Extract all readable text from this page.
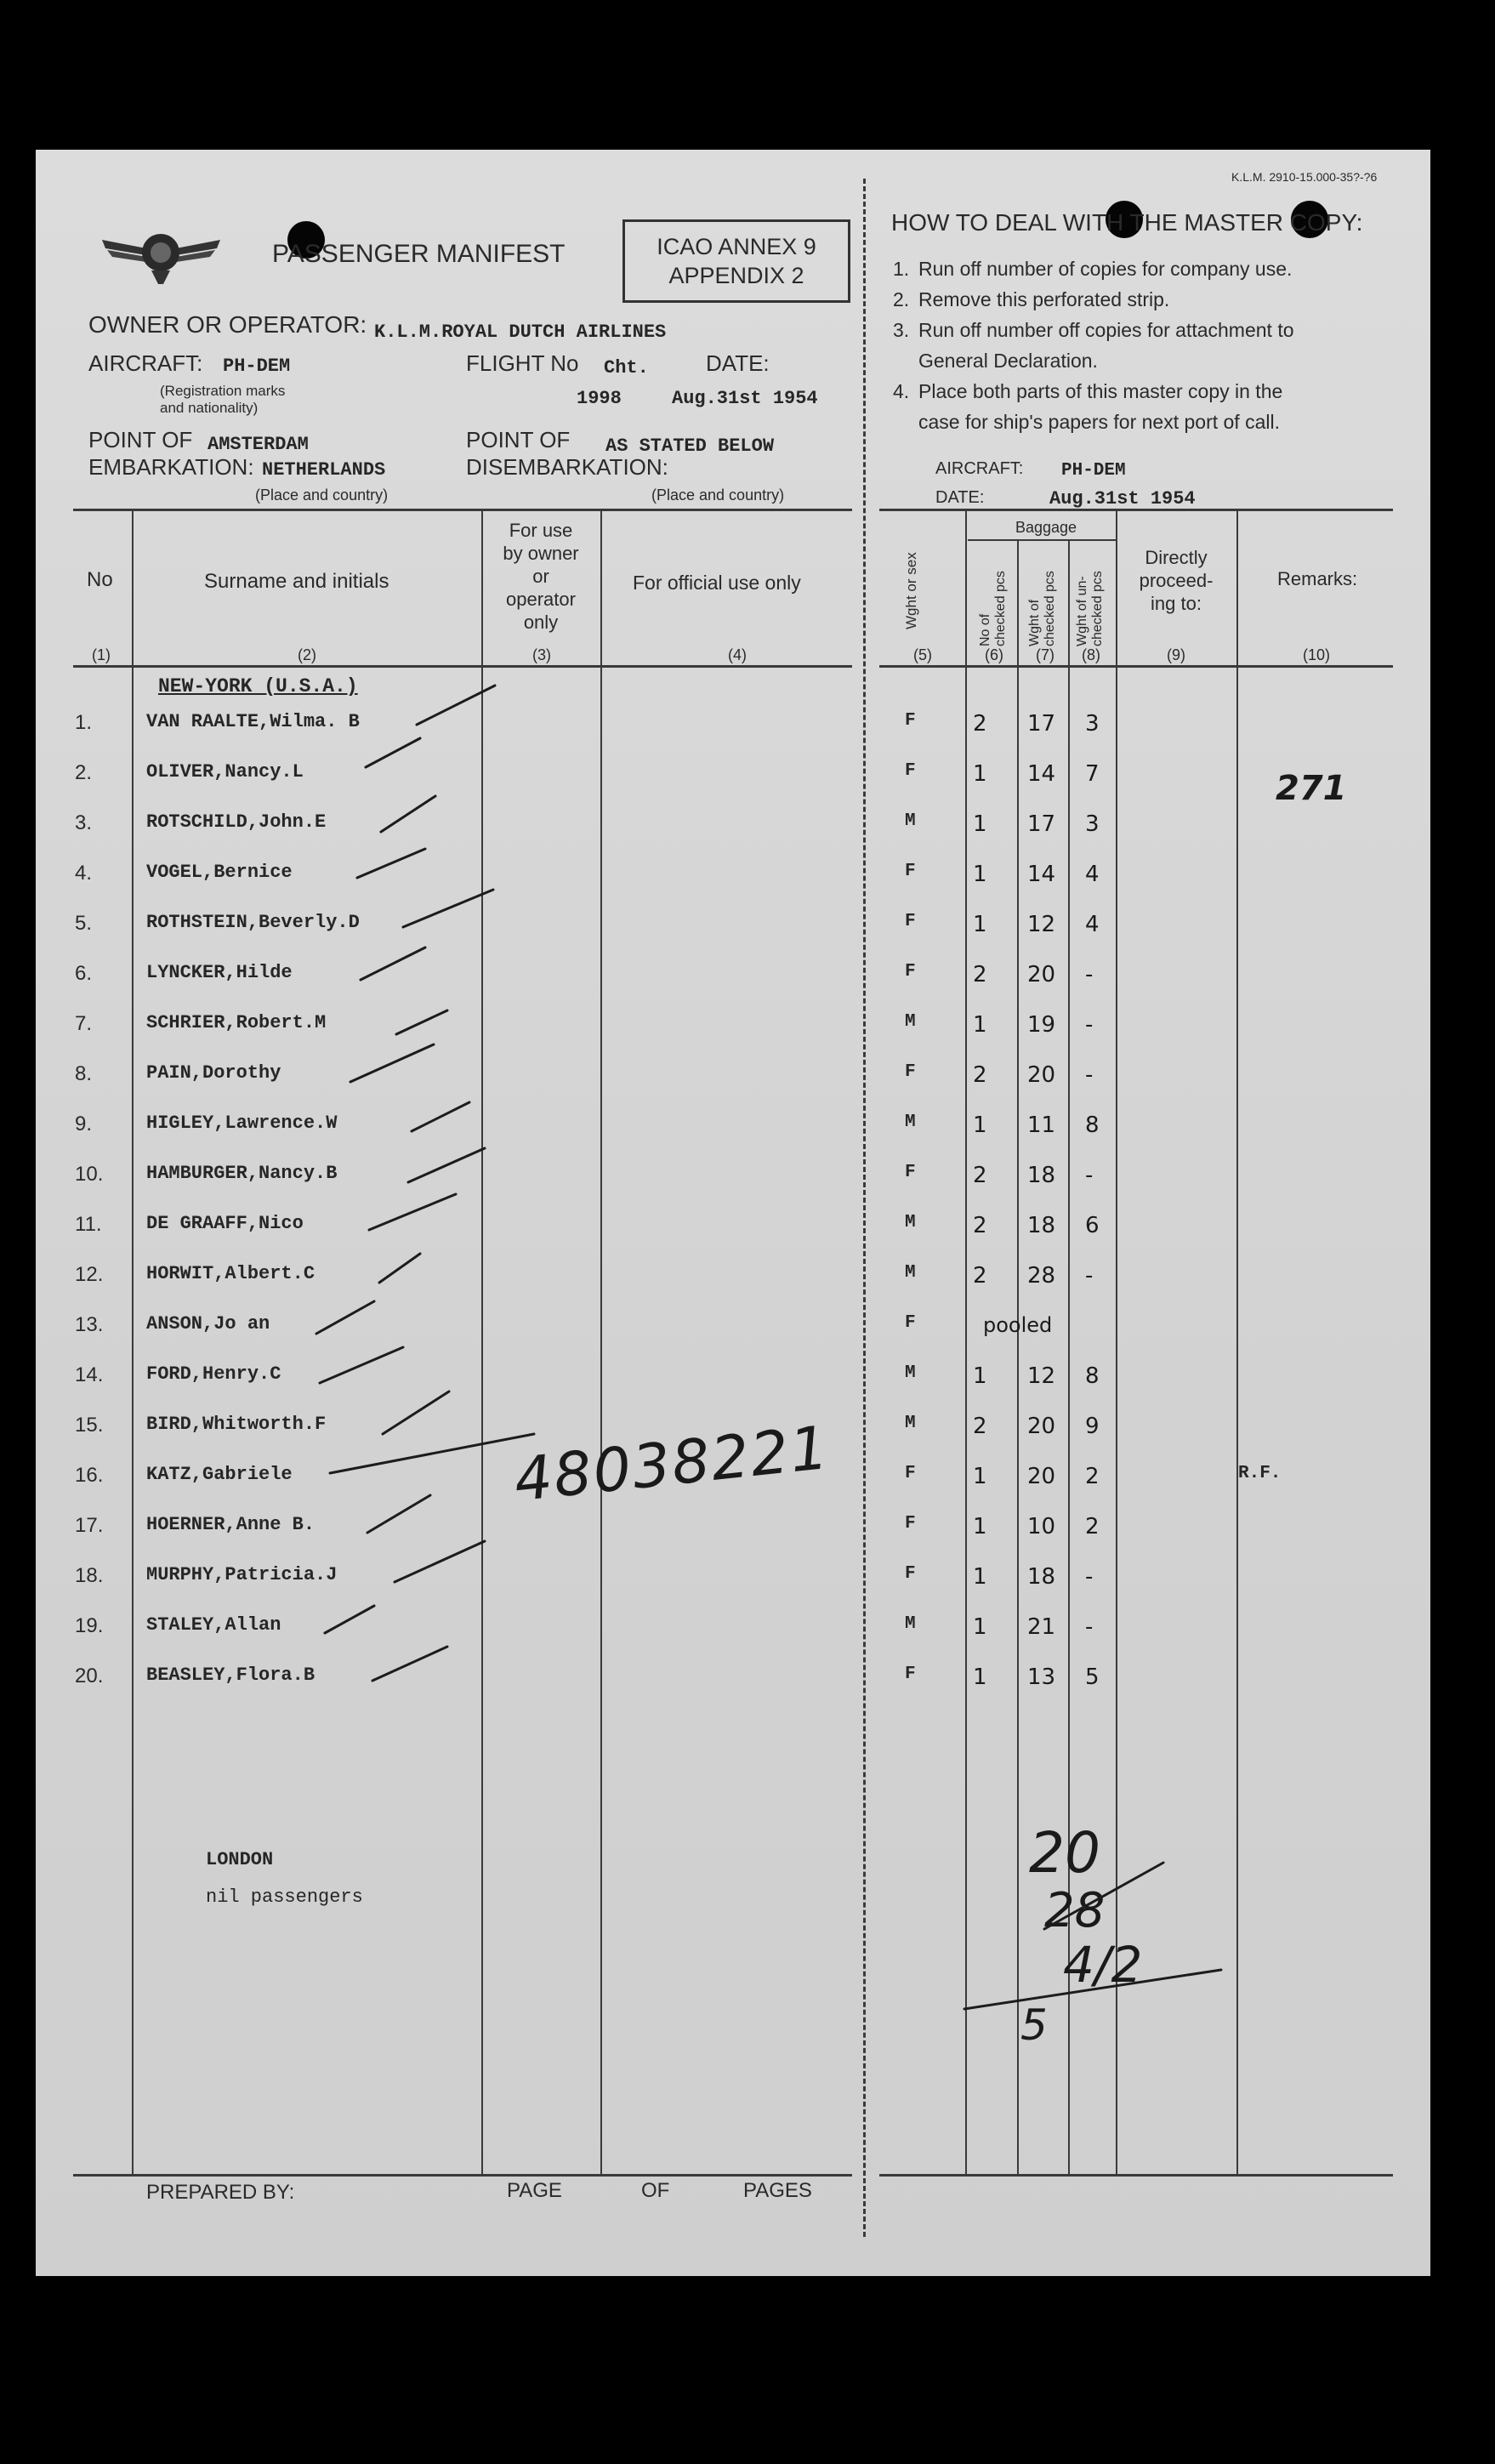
K.L.M. 2910-15.000-35?-?6
PASSENGER MANIFEST	ICAO ANNEX 9
APPENDIX 2
OWNER OR OPERATOR: K.L.M.ROYAL DUTCH AIRLINES
AIRCRAFT: PH-DEM
(Registration marks
and nationality)
FLIGHT No Cht.
1998
DATE:
Aug.31st 1954
POINT OF
EMBARKATION:
AMSTERDAM
NETHERLANDS
(Place and country)
POINT OF
DISEMBARKATION:
AS STATED BELOW
(Place and country)
HOW TO DEAL WITH THE MASTER COPY:
1. Run off number of copies for company use.
2. Remove this perforated strip.
3. Run off number off copies for attachment to
General Declaration.
4. Place both parts of this master copy in the
case for ship's papers for next port of call.
AIRCRAFT: PH-DEM
DATE:	Aug.31st 1954
No	Surname and initials
For use
by owner
or
operator
only
For official use only	Wght or sex
Baggage
No of checked pcs Wght of checked pcs Wght of un- checked pcs
Directly
proceed-
ing to:
Remarks:
(1)	(2)	(3)	(4)	(5)	(6) (7) (8)	(9)	(10)
NEW-YORK (U.S.A.)
1.	VAN RAALTE,Wilma. B	F	2 17 3
2.	OLIVER,Nancy.L	F	1 14 7
3.	ROTSCHILD,John.E	M	1 17 3
4.	VOGEL,Bernice	F	1 14 4
5.	ROTHSTEIN,Beverly.D	F	1 12 4
6.	LYNCKER,Hilde	F	2 20 -
7.	SCHRIER,Robert.M	M	1 19 -
8.	PAIN,Dorothy	F	2 20 -
9.	HIGLEY,Lawrence.W	M	1 11 8
10. HAMBURGER,Nancy.B	F	2 18 -
11. DE GRAAFF,Nico	M	2 18 6
12. HORWIT,Albert.C	M	2 28 -
13. ANSON,Jo an	F	pooled
14. FORD,Henry.C	M	1 12 8
15. BIRD,Whitworth.F	M	2 20 9
16. KATZ,Gabriele	F	1 20 2	R.F.
17. HOERNER,Anne B.	F	1 10 2
18. MURPHY,Patricia.J	F	1 18 -
19. STALEY,Allan	M	1 21 -
20. BEASLEY,Flora.B	F	1 13 5
48038221
271
LONDON
nil passengers
20
28
4/2
5
PREPARED BY:	PAGE	OF	PAGES
